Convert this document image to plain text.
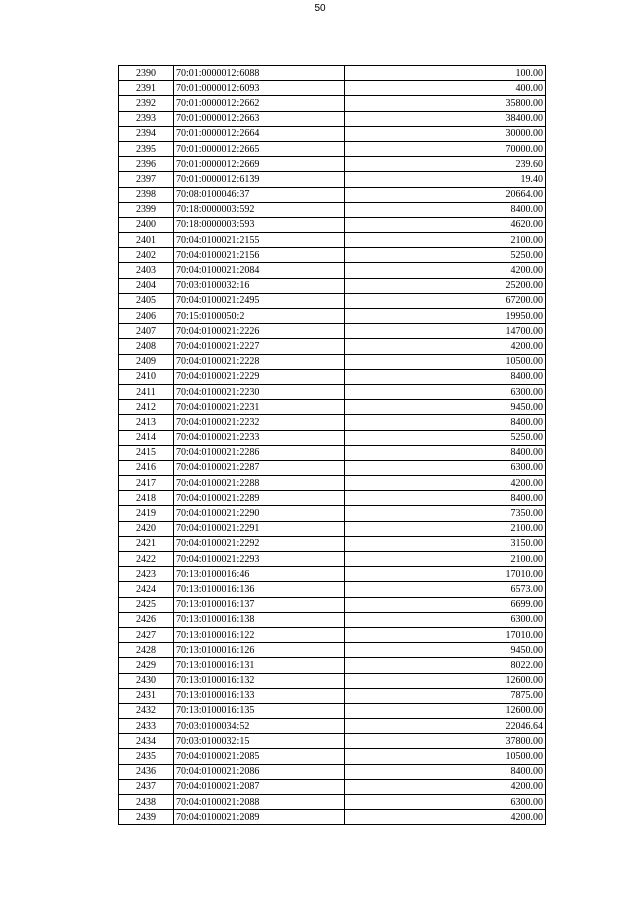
50
2390	70:01:0000012:6088	100.00
2391	70:01:0000012:6093	400.00
2392	70:01:0000012:2662	35800.00
2393	70:01:0000012:2663	38400.00
2394	70:01:0000012:2664	30000.00
2395	70:01:0000012:2665	70000.00
2396	70:01:0000012:2669	239.60
2397	70:01:0000012:6139	19.40
2398	70:08:0100046:37	20664.00
2399	70:18:0000003:592	8400.00
2400	70:18:0000003:593	4620.00
2401	70:04:0100021:2155	2100.00
2402	70:04:0100021:2156	5250.00
2403	70:04:0100021:2084	4200.00
2404	70:03:0100032:16	25200.00
2405	70:04:0100021:2495	67200.00
2406	70:15:0100050:2	19950.00
2407	70:04:0100021:2226	14700.00
2408	70:04:0100021:2227	4200.00
2409	70:04:0100021:2228	10500.00
2410	70:04:0100021:2229	8400.00
2411	70:04:0100021:2230	6300.00
2412	70:04:0100021:2231	9450.00
2413	70:04:0100021:2232	8400.00
2414	70:04:0100021:2233	5250.00
2415	70:04:0100021:2286	8400.00
2416	70:04:0100021:2287	6300.00
2417	70:04:0100021:2288	4200.00
2418	70:04:0100021:2289	8400.00
2419	70:04:0100021:2290	7350.00
2420	70:04:0100021:2291	2100.00
2421	70:04:0100021:2292	3150.00
2422	70:04:0100021:2293	2100.00
2423	70:13:0100016:46	17010.00
2424	70:13:0100016:136	6573.00
2425	70:13:0100016:137	6699.00
2426	70:13:0100016:138	6300.00
2427	70:13:0100016:122	17010.00
2428	70:13:0100016:126	9450.00
2429	70:13:0100016:131	8022.00
2430	70:13:0100016:132	12600.00
2431	70:13:0100016:133	7875.00
2432	70:13:0100016:135	12600.00
2433	70:03:0100034:52	22046.64
2434	70:03:0100032:15	37800.00
2435	70:04:0100021:2085	10500.00
2436	70:04:0100021:2086	8400.00
2437	70:04:0100021:2087	4200.00
2438	70:04:0100021:2088	6300.00
2439	70:04:0100021:2089	4200.00
